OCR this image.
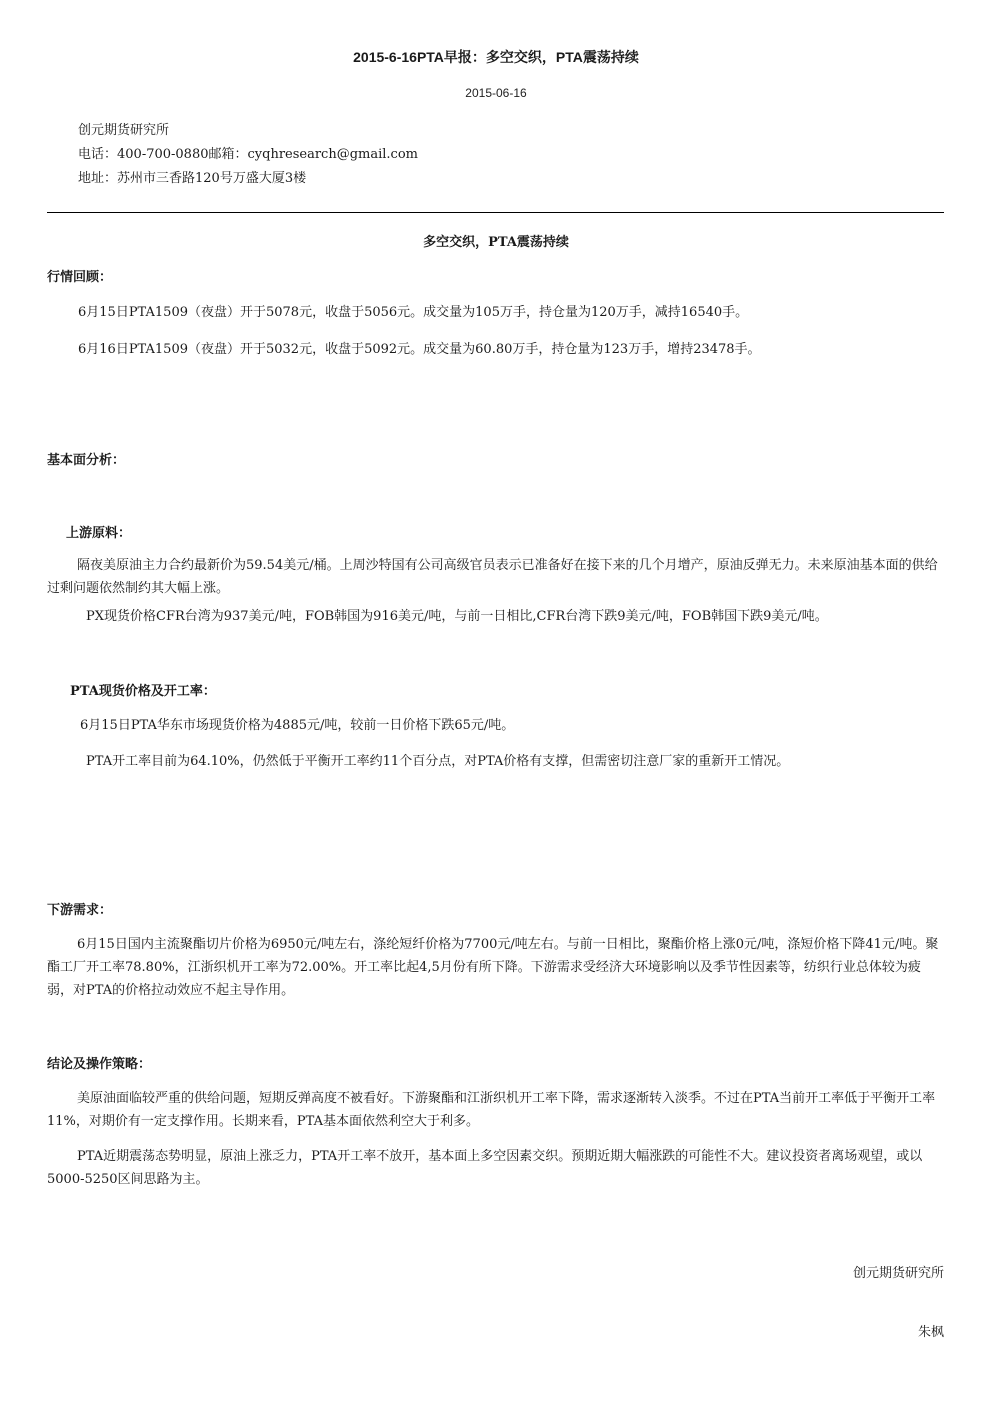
2015-6-16PTA早报：多空交织，PTA震荡持续
2015-06-16
创元期货研究所
电话：400-700-0880邮箱：cyqhresearch@gmail.com
地址：苏州市三香路120号万盛大厦3楼
多空交织，PTA震荡持续
行情回顾：
6月15日PTA1509（夜盘）开于5078元，收盘于5056元。成交量为105万手，持仓量为120万手，减持16540手。
6月16日PTA1509（夜盘）开于5032元，收盘于5092元。成交量为60.80万手，持仓量为123万手，增持23478手。
基本面分析：
上游原料：
隔夜美原油主力合约最新价为59.54美元/桶。上周沙特国有公司高级官员表示已准备好在接下来的几个月增产，原油反弹无力。未来原油基本面的供给过剩问题依然制约其大幅上涨。
PX现货价格CFR台湾为937美元/吨，FOB韩国为916美元/吨，与前一日相比,CFR台湾下跌9美元/吨，FOB韩国下跌9美元/吨。
PTA现货价格及开工率：
6月15日PTA华东市场现货价格为4885元/吨，较前一日价格下跌65元/吨。
PTA开工率目前为64.10%，仍然低于平衡开工率约11个百分点，对PTA价格有支撑，但需密切注意厂家的重新开工情况。
下游需求：
6月15日国内主流聚酯切片价格为6950元/吨左右，涤纶短纤价格为7700元/吨左右。与前一日相比，聚酯价格上涨0元/吨，涤短价格下降41元/吨。聚酯工厂开工率78.80%，江浙织机开工率为72.00%。开工率比起4,5月份有所下降。下游需求受经济大环境影响以及季节性因素等，纺织行业总体较为疲弱，对PTA的价格拉动效应不起主导作用。
结论及操作策略：
美原油面临较严重的供给问题，短期反弹高度不被看好。下游聚酯和江浙织机开工率下降，需求逐渐转入淡季。不过在PTA当前开工率低于平衡开工率11%，对期价有一定支撑作用。长期来看，PTA基本面依然利空大于利多。
PTA近期震荡态势明显，原油上涨乏力，PTA开工率不放开，基本面上多空因素交织。预期近期大幅涨跌的可能性不大。建议投资者离场观望，或以5000-5250区间思路为主。
创元期货研究所
朱枫
